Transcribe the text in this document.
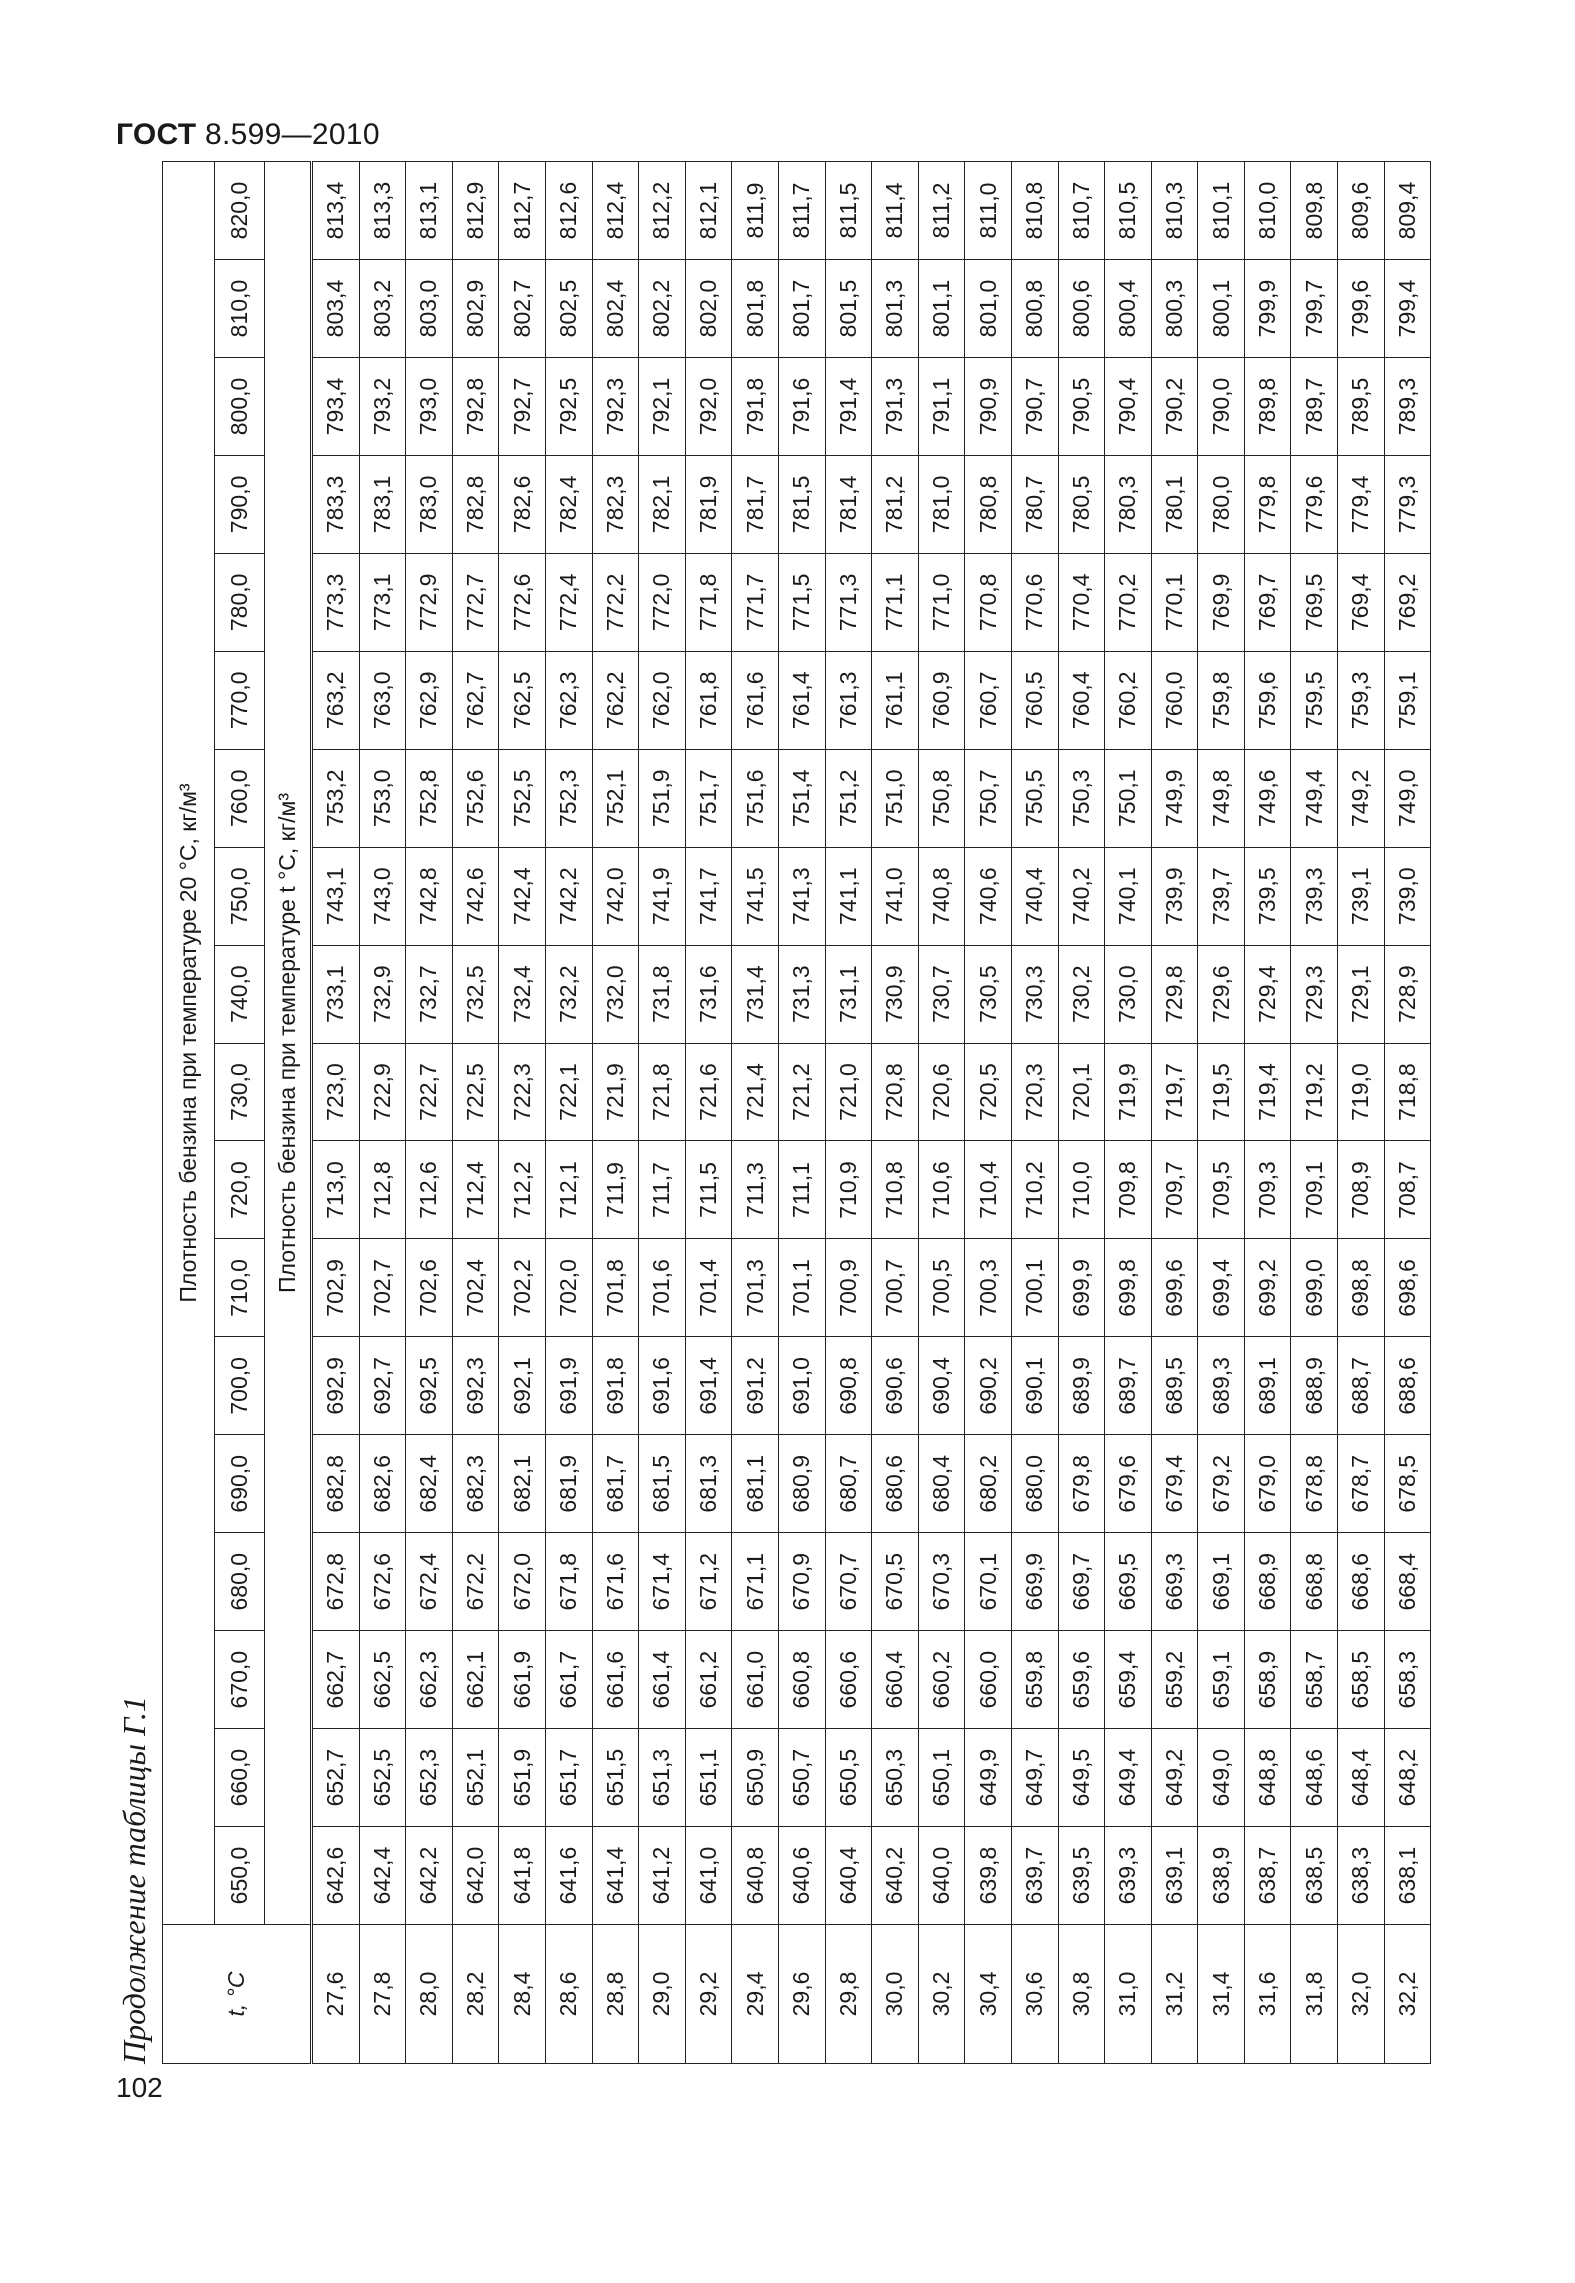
ГОСТ 8.599—2010
102
Продолжение таблицы Г.1	t, °C	Плотность бензина при температуре 20 °C, кг/м³																	
	650,0	660,0	670,0	680,0	690,0	700,0	710,0	720,0	730,0	740,0	750,0	760,0	770,0	780,0	790,0	800,0	810,0	820,0
	Плотность бензина при температуре t °C, кг/м³																	
27,6	642,6	652,7	662,7	672,8	682,8	692,9	702,9	713,0	723,0	733,1	743,1	753,2	763,2	773,3	783,3	793,4	803,4	813,4
27,8	642,4	652,5	662,5	672,6	682,6	692,7	702,7	712,8	722,9	732,9	743,0	753,0	763,0	773,1	783,1	793,2	803,2	813,3
28,0	642,2	652,3	662,3	672,4	682,4	692,5	702,6	712,6	722,7	732,7	742,8	752,8	762,9	772,9	783,0	793,0	803,0	813,1
28,2	642,0	652,1	662,1	672,2	682,3	692,3	702,4	712,4	722,5	732,5	742,6	752,6	762,7	772,7	782,8	792,8	802,9	812,9
28,4	641,8	651,9	661,9	672,0	682,1	692,1	702,2	712,2	722,3	732,4	742,4	752,5	762,5	772,6	782,6	792,7	802,7	812,7
28,6	641,6	651,7	661,7	671,8	681,9	691,9	702,0	712,1	722,1	732,2	742,2	752,3	762,3	772,4	782,4	792,5	802,5	812,6
28,8	641,4	651,5	661,6	671,6	681,7	691,8	701,8	711,9	721,9	732,0	742,0	752,1	762,2	772,2	782,3	792,3	802,4	812,4
29,0	641,2	651,3	661,4	671,4	681,5	691,6	701,6	711,7	721,8	731,8	741,9	751,9	762,0	772,0	782,1	792,1	802,2	812,2
29,2	641,0	651,1	661,2	671,2	681,3	691,4	701,4	711,5	721,6	731,6	741,7	751,7	761,8	771,8	781,9	792,0	802,0	812,1
29,4	640,8	650,9	661,0	671,1	681,1	691,2	701,3	711,3	721,4	731,4	741,5	751,6	761,6	771,7	781,7	791,8	801,8	811,9
29,6	640,6	650,7	660,8	670,9	680,9	691,0	701,1	711,1	721,2	731,3	741,3	751,4	761,4	771,5	781,5	791,6	801,7	811,7
29,8	640,4	650,5	660,6	670,7	680,7	690,8	700,9	710,9	721,0	731,1	741,1	751,2	761,3	771,3	781,4	791,4	801,5	811,5
30,0	640,2	650,3	660,4	670,5	680,6	690,6	700,7	710,8	720,8	730,9	741,0	751,0	761,1	771,1	781,2	791,3	801,3	811,4
30,2	640,0	650,1	660,2	670,3	680,4	690,4	700,5	710,6	720,6	730,7	740,8	750,8	760,9	771,0	781,0	791,1	801,1	811,2
30,4	639,8	649,9	660,0	670,1	680,2	690,2	700,3	710,4	720,5	730,5	740,6	750,7	760,7	770,8	780,8	790,9	801,0	811,0
30,6	639,7	649,7	659,8	669,9	680,0	690,1	700,1	710,2	720,3	730,3	740,4	750,5	760,5	770,6	780,7	790,7	800,8	810,8
30,8	639,5	649,5	659,6	669,7	679,8	689,9	699,9	710,0	720,1	730,2	740,2	750,3	760,4	770,4	780,5	790,5	800,6	810,7
31,0	639,3	649,4	659,4	669,5	679,6	689,7	699,8	709,8	719,9	730,0	740,1	750,1	760,2	770,2	780,3	790,4	800,4	810,5
31,2	639,1	649,2	659,2	669,3	679,4	689,5	699,6	709,7	719,7	729,8	739,9	749,9	760,0	770,1	780,1	790,2	800,3	810,3
31,4	638,9	649,0	659,1	669,1	679,2	689,3	699,4	709,5	719,5	729,6	739,7	749,8	759,8	769,9	780,0	790,0	800,1	810,1
31,6	638,7	648,8	658,9	668,9	679,0	689,1	699,2	709,3	719,4	729,4	739,5	749,6	759,6	769,7	779,8	789,8	799,9	810,0
31,8	638,5	648,6	658,7	668,8	678,8	688,9	699,0	709,1	719,2	729,3	739,3	749,4	759,5	769,5	779,6	789,7	799,7	809,8
32,0	638,3	648,4	658,5	668,6	678,7	688,7	698,8	708,9	719,0	729,1	739,1	749,2	759,3	769,4	779,4	789,5	799,6	809,6
32,2	638,1	648,2	658,3	668,4	678,5	688,6	698,6	708,7	718,8	728,9	739,0	749,0	759,1	769,2	779,3	789,3	799,4	809,4
